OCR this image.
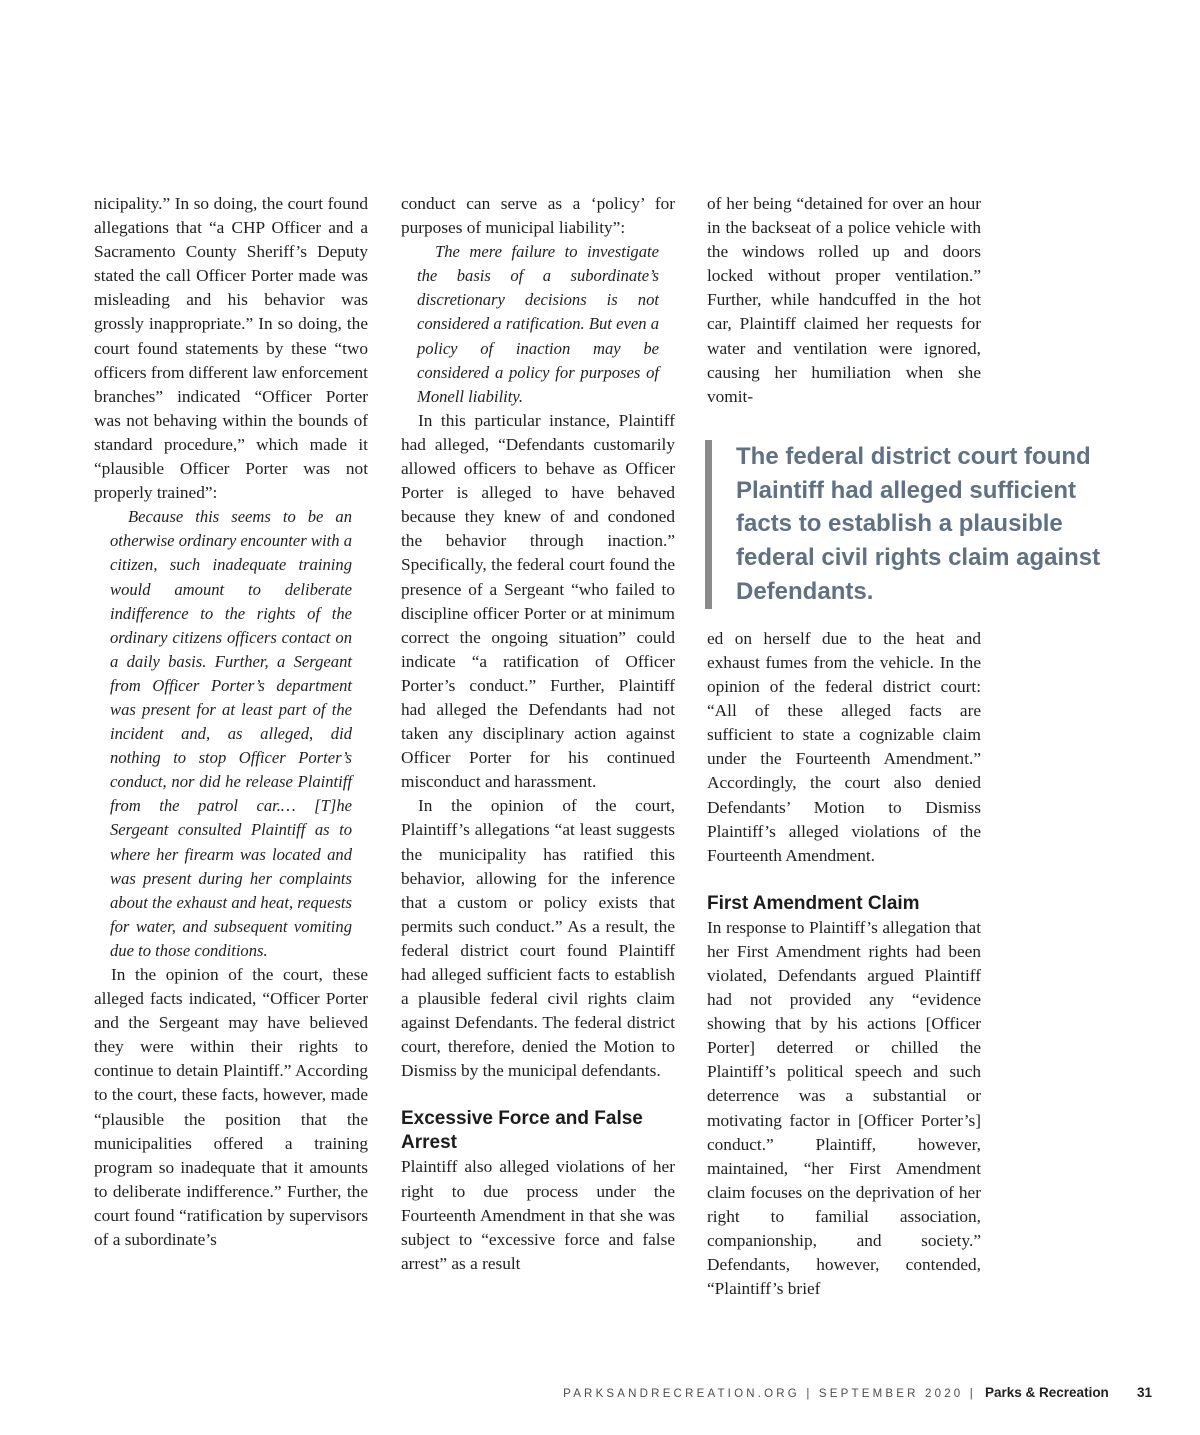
nicipality.” In so doing, the court found allegations that “a CHP Officer and a Sacramento County Sheriff’s Deputy stated the call Officer Porter made was misleading and his behavior was grossly inappropriate.” In so doing, the court found statements by these “two officers from different law enforcement branches” indicated “Officer Porter was not behaving within the bounds of standard procedure,” which made it “plausible Officer Porter was not properly trained”:

Because this seems to be an otherwise ordinary encounter with a citizen, such inadequate training would amount to deliberate indifference to the rights of the ordinary citizens officers contact on a daily basis. Further, a Sergeant from Officer Porter’s department was present for at least part of the incident and, as alleged, did nothing to stop Officer Porter’s conduct, nor did he release Plaintiff from the patrol car.… [T]he Sergeant consulted Plaintiff as to where her firearm was located and was present during her complaints about the exhaust and heat, requests for water, and subsequent vomiting due to those conditions.

In the opinion of the court, these alleged facts indicated, “Officer Porter and the Sergeant may have believed they were within their rights to continue to detain Plaintiff.” According to the court, these facts, however, made “plausible the position that the municipalities offered a training program so inadequate that it amounts to deliberate indifference.” Further, the court found “ratification by supervisors of a subordinate’s

conduct can serve as a ‘policy’ for purposes of municipal liability”:

The mere failure to investigate the basis of a subordinate’s discretionary decisions is not considered a ratification. But even a policy of inaction may be considered a policy for purposes of Monell liability.

In this particular instance, Plaintiff had alleged, “Defendants customarily allowed officers to behave as Officer Porter is alleged to have behaved because they knew of and condoned the behavior through inaction.” Specifically, the federal court found the presence of a Sergeant “who failed to discipline officer Porter or at minimum correct the ongoing situation” could indicate “a ratification of Officer Porter’s conduct.” Further, Plaintiff had alleged the Defendants had not taken any disciplinary action against Officer Porter for his continued misconduct and harassment.

In the opinion of the court, Plaintiff’s allegations “at least suggests the municipality has ratified this behavior, allowing for the inference that a custom or policy exists that permits such conduct.” As a result, the federal district court found Plaintiff had alleged sufficient facts to establish a plausible federal civil rights claim against Defendants. The federal district court, therefore, denied the Motion to Dismiss by the municipal defendants.

Excessive Force and False Arrest

Plaintiff also alleged violations of her right to due process under the Fourteenth Amendment in that she was subject to “excessive force and false arrest” as a result

of her being “detained for over an hour in the backseat of a police vehicle with the windows rolled up and doors locked without proper ventilation.” Further, while handcuffed in the hot car, Plaintiff claimed her requests for water and ventilation were ignored, causing her humiliation when she vomit-

ed on herself due to the heat and exhaust fumes from the vehicle. In the opinion of the federal district court: “All of these alleged facts are sufficient to state a cognizable claim under the Fourteenth Amendment.” Accordingly, the court also denied Defendants’ Motion to Dismiss Plaintiff’s alleged violations of the Fourteenth Amendment.

First Amendment Claim

In response to Plaintiff’s allegation that her First Amendment rights had been violated, Defendants argued Plaintiff had not provided any “evidence showing that by his actions [Officer Porter] deterred or chilled the Plaintiff’s political speech and such deterrence was a substantial or motivating factor in [Officer Porter’s] conduct.” Plaintiff, however, maintained, “her First Amendment claim focuses on the deprivation of her right to familial association, companionship, and society.” Defendants, however, contended, “Plaintiff’s brief

The federal district court found Plaintiff had alleged sufficient facts to establish a plausible federal civil rights claim against Defendants.
PARKSANDRECREATION.ORG | SEPTEMBER 2020 | Parks & Recreation 31
